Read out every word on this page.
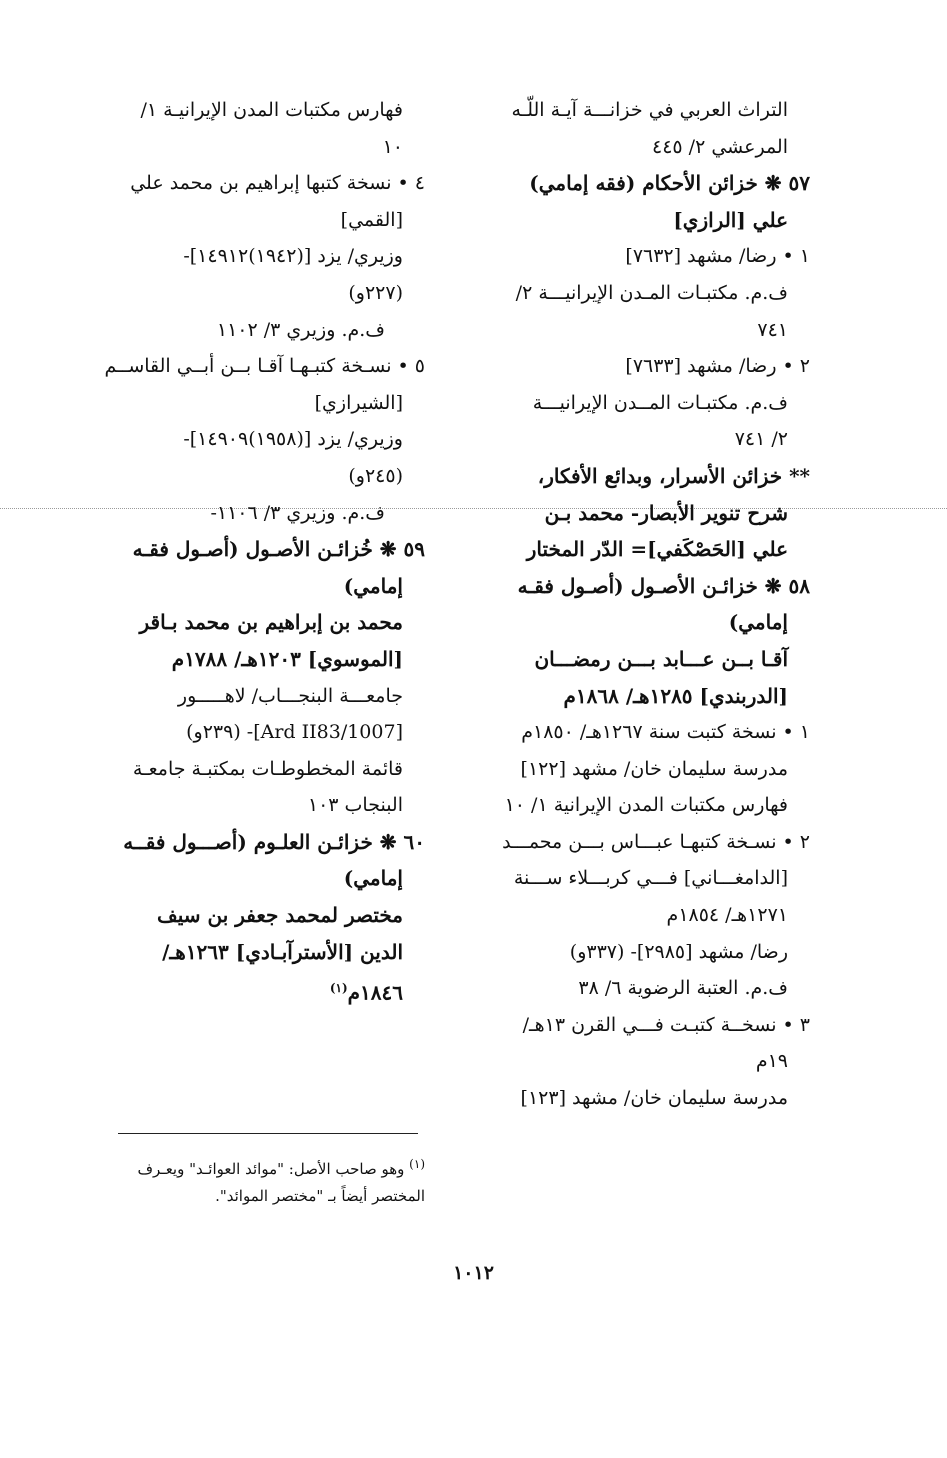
التراث العربي في خزانـــة آيـة اللّـه
المرعشي ٢/ ٤٤٥
٥٧ ❋ خزائن الأحكام (فقه إمامي)
علي [الرازي]
١ • رضا/ مشهد [٧٦٣٢]
ف.م. مكتبـات المـدن الإيرانيـــة ٢/
٧٤١
٢ • رضا/ مشهد [٧٦٣٣]
ف.م. مكتبـات المــدن الإيرانيـــة
٢/ ٧٤١
** خزائن الأسرار، وبدائع الأفكار،
شرح تنوير الأبصار- محمد بـن
علي [الحَصْكَفي]= الدّر المختار
٥٨ ❋ خزائـن الأصـول (أصـول فقـه
إمامي)
آقـا بــن عـــابد بـــن رمضـــان
[الدربندي] ١٢٨٥هـ/ ١٨٦٨م
١ • نسخة كتبت سنة ١٢٦٧هـ/ ١٨٥٠م
مدرسة سليمان خان/ مشهد [١٢٢]
فهارس مكتبات المدن الإيرانية ١/ ١٠
٢ • نسـخة كتبهـا عبـــاس بـــن محمـــد
[الدامغـــاني] فـــي كربـــلاء ســـنة
١٢٧١هـ/ ١٨٥٤م
رضا/ مشهد [٢٩٨٥]- (٣٣٧و)
ف.م. العتبة الرضوية ٦/ ٣٨
٣ • نسخــة كتبـت فـــي القرن ١٣هـ/
١٩م
مدرسة سليمان خان/ مشهد [١٢٣]
فهارس مكتبات المدن الإيرانيـة ١/
١٠
٤ • نسخة كتبها إبراهيم بن محمد علي
[القمي]
وزيري/ يزد [(١٩٤٢)١٤٩١٢]-
(٢٢٧و)
ف.م. وزيري ٣/ ١١٠٢
٥ • نسـخة كتبـهـا آقـا بــن أبــي القاســم
[الشيرازي]
وزيري/ يزد [(١٩٥٨)١٤٩٠٩]-
(٢٤٥و)
ف.م. وزيري ٣/ ١١٠٦-
٥٩ ❋ خُزائـن الأصـول (أصـول فقـه
إمامي)
محمد بن إبراهيم بن محمد بـاقر
[الموسوي] ١٢٠٣هـ/ ١٧٨٨م
جامعـــة البنجـــاب/ لاهـــــور
[Ard II83/1007]- (٢٣٩و)
قائمة المخطوطـات بمكتبـة جامعـة
البنجاب ١٠٣
٦٠ ❋ خزائـن العلـوم (أصـــول فقــه
إمامي)
مختصر لمحمد جعفر بن سيف
الدين [الأستر‌آبـادي] ١٢٦٣هـ/
١٨٤٦م$^{(١)}$
$^{(١)}$ وهو صاحب الأصل: "موائد العوائـد" ويعـرف
المختصر أيضاً بـ "مختصر الموائد".
١٠١٢
